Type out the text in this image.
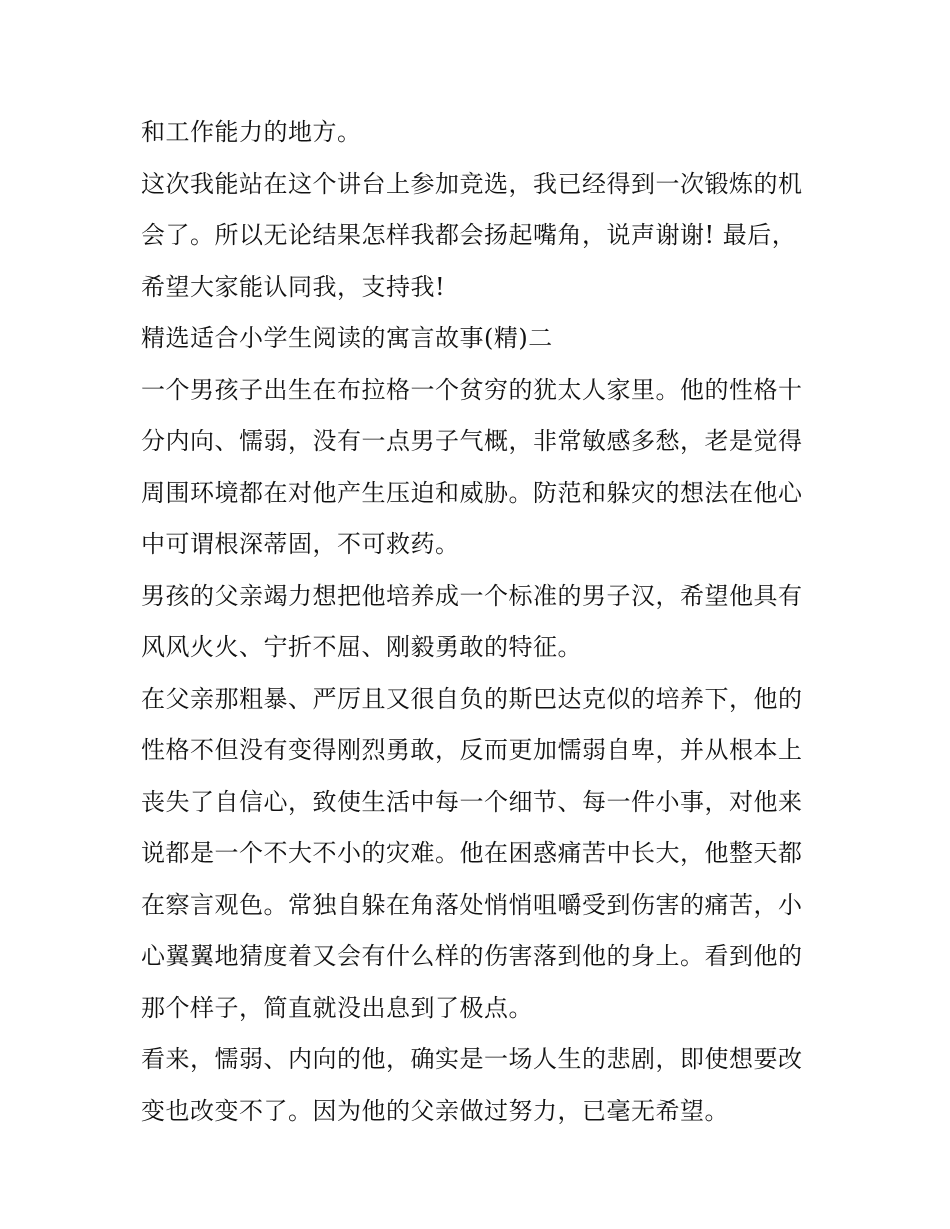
和工作能力的地方。
这次我能站在这个讲台上参加竞选，我已经得到一次锻炼的机
会了。所以无论结果怎样我都会扬起嘴角，说声谢谢! 最后，
希望大家能认同我，支持我!
精选适合小学生阅读的寓言故事(精)二
一个男孩子出生在布拉格一个贫穷的犹太人家里。他的性格十
分内向、懦弱，没有一点男子气概，非常敏感多愁，老是觉得
周围环境都在对他产生压迫和威胁。防范和躲灾的想法在他心
中可谓根深蒂固，不可救药。
男孩的父亲竭力想把他培养成一个标准的男子汉，希望他具有
风风火火、宁折不屈、刚毅勇敢的特征。
在父亲那粗暴、严厉且又很自负的斯巴达克似的培养下，他的
性格不但没有变得刚烈勇敢，反而更加懦弱自卑，并从根本上
丧失了自信心，致使生活中每一个细节、每一件小事，对他来
说都是一个不大不小的灾难。他在困惑痛苦中长大，他整天都
在察言观色。常独自躲在角落处悄悄咀嚼受到伤害的痛苦，小
心翼翼地猜度着又会有什么样的伤害落到他的身上。看到他的
那个样子，简直就没出息到了极点。
看来，懦弱、内向的他，确实是一场人生的悲剧，即使想要改
变也改变不了。因为他的父亲做过努力，已毫无希望。
